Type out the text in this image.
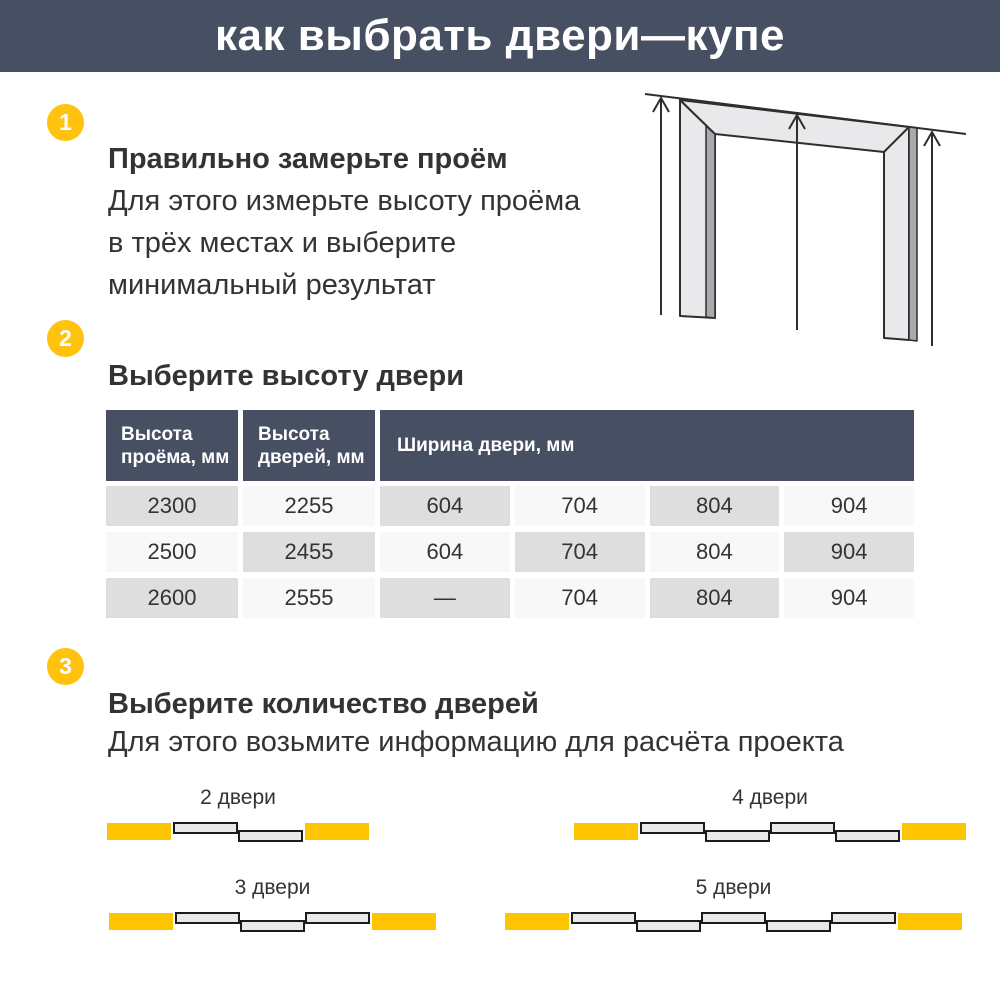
как выбрать двери—купе
1
Правильно замерьте проём
Для этого измерьте высоту проёма
в трёх местах и выберите
минимальный результат
2
Выберите высоту двери
Высота проёма, мм
Высота дверей, мм
Ширина двери, мм
2300	2255	604	704	804	904
2500	2455	604	704	804	904
2600	2555	—	704	804	904
3
Выберите количество дверей
Для этого возьмите информацию для расчёта проекта
2 двери	4 двери
3 двери	5 двери
